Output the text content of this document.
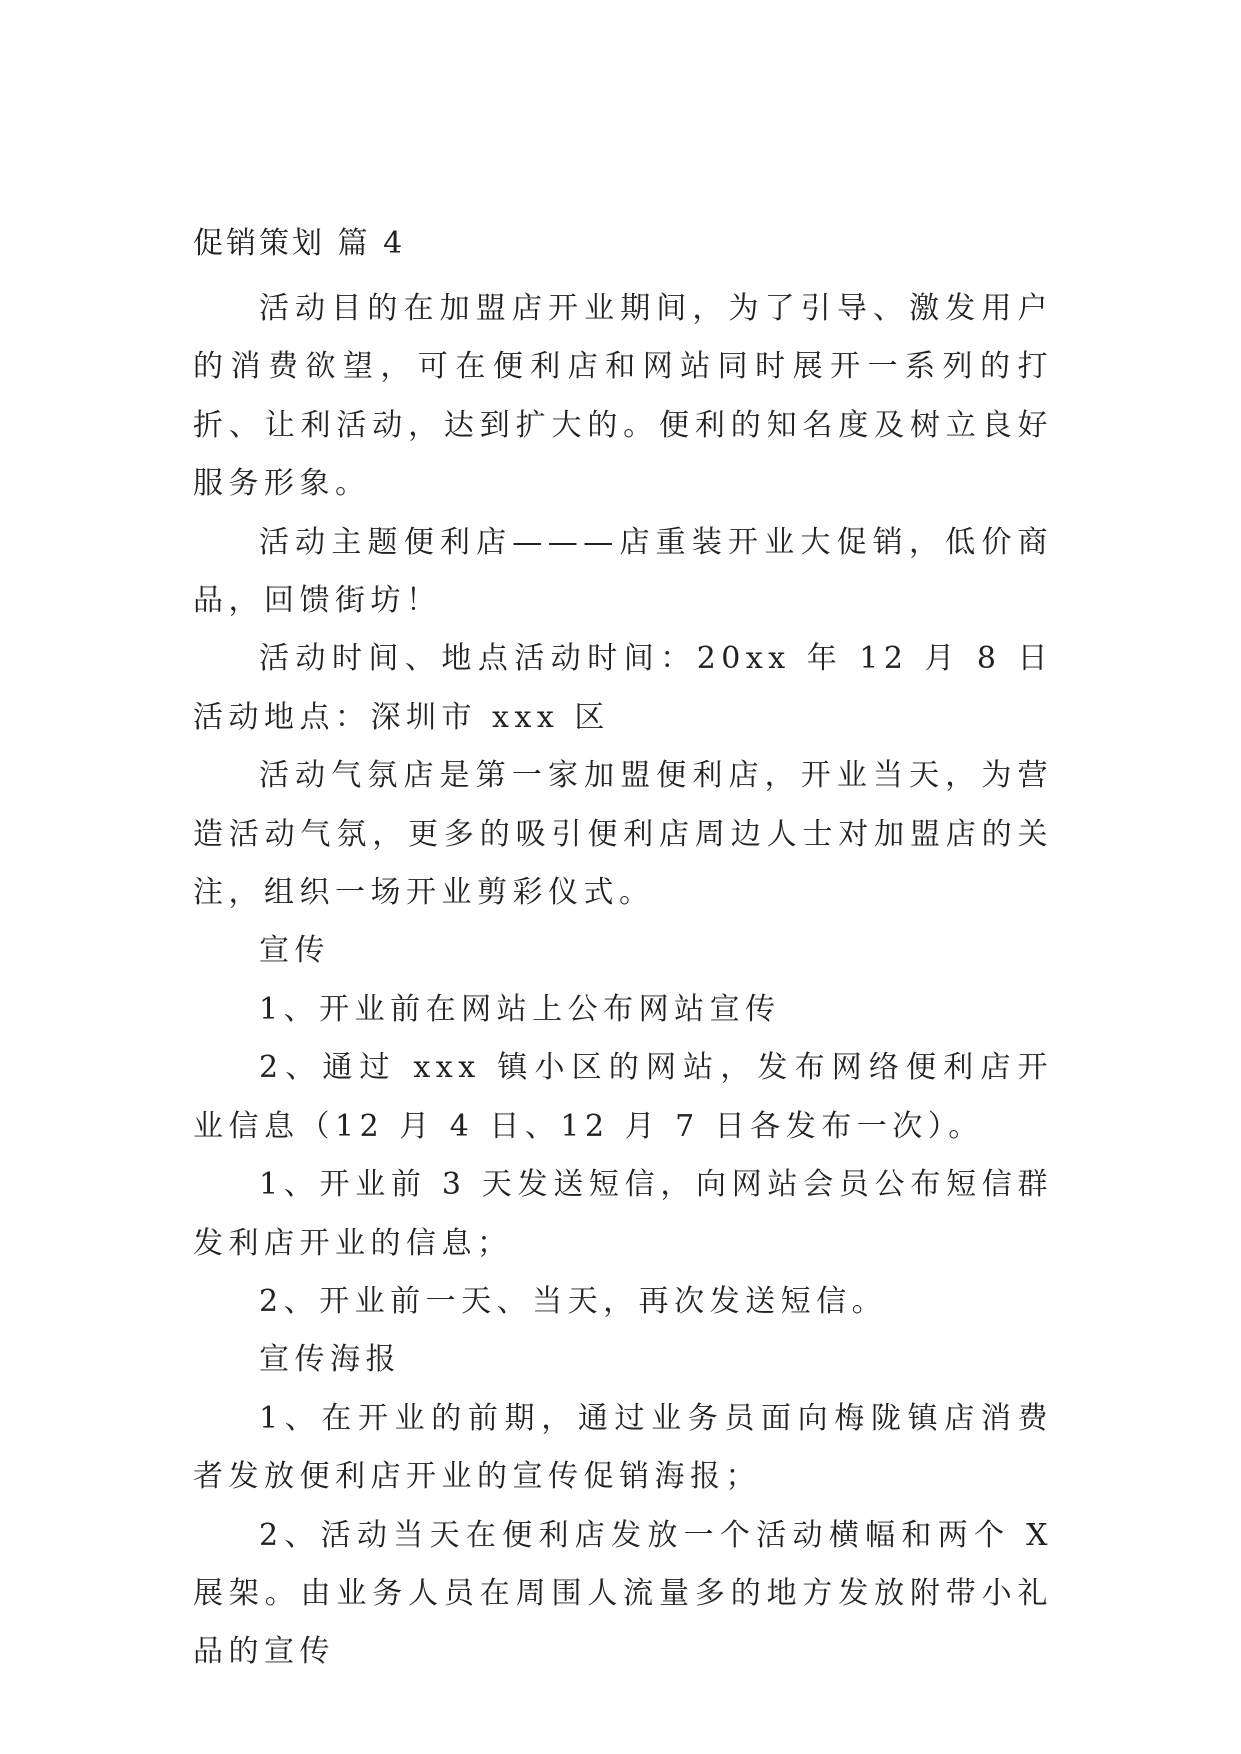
促销策划 篇 4

活动目的在加盟店开业期间，为了引导、激发用户的消费欲望，可在便利店和网站同时展开一系列的打折、让利活动，达到扩大的。便利的知名度及树立良好服务形象。

活动主题便利店———店重装开业大促销，低价商品，回馈街坊！

活动时间、地点活动时间：20xx 年 12 月 8 日活动地点：深圳市 xxx 区

活动气氛店是第一家加盟便利店，开业当天，为营造活动气氛，更多的吸引便利店周边人士对加盟店的关注，组织一场开业剪彩仪式。

宣传

1、开业前在网站上公布网站宣传

2、通过 xxx 镇小区的网站，发布网络便利店开业信息（12 月 4 日、12 月 7 日各发布一次）。

1、开业前 3 天发送短信，向网站会员公布短信群发利店开业的信息；

2、开业前一天、当天，再次发送短信。

宣传海报

1、在开业的前期，通过业务员面向梅陇镇店消费者发放便利店开业的宣传促销海报；

2、活动当天在便利店发放一个活动横幅和两个 X 展架。由业务人员在周围人流量多的地方发放附带小礼品的宣传
